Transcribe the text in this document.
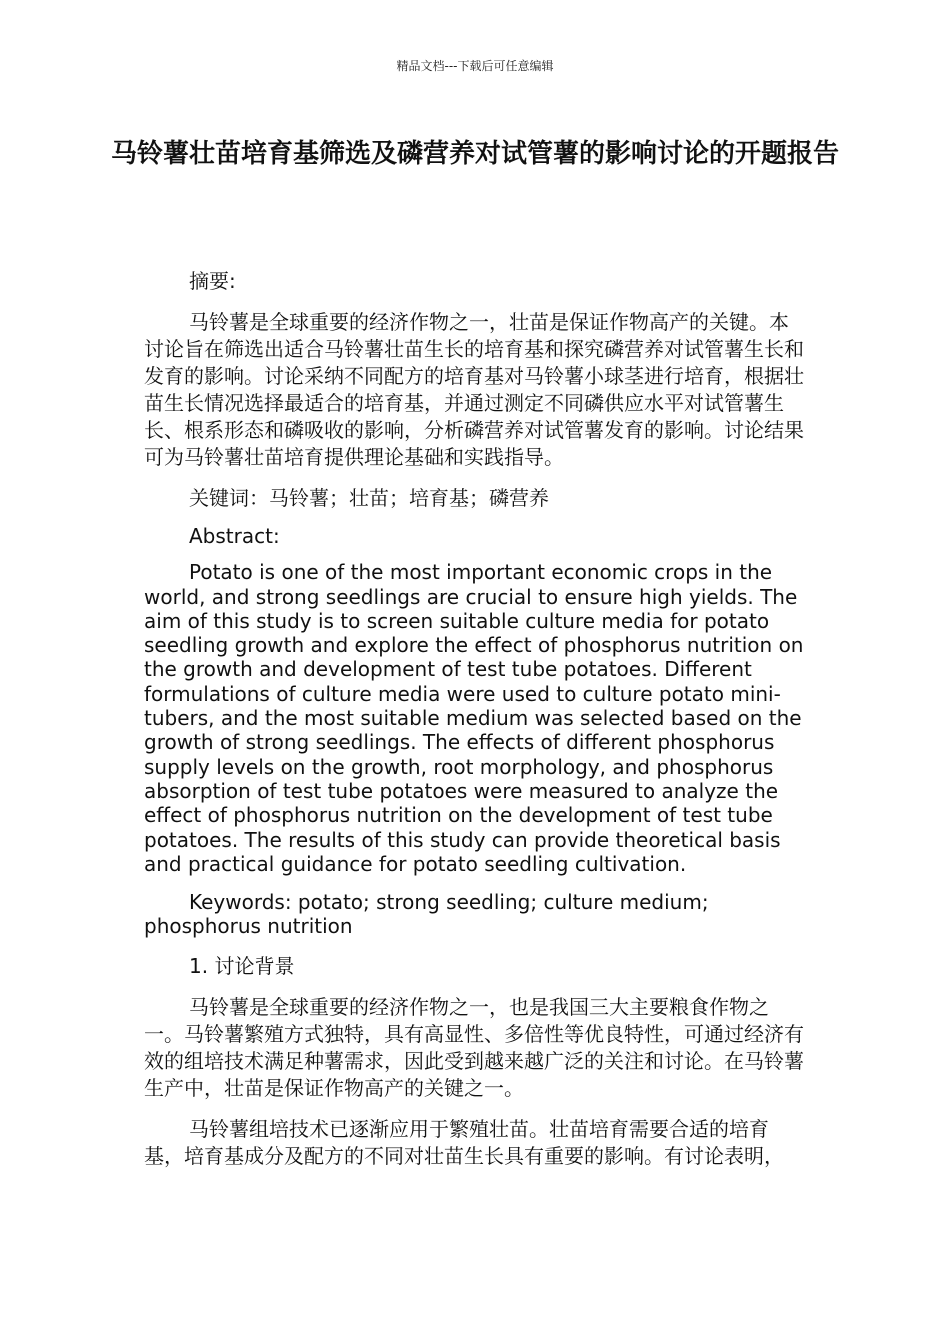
精品文档---下载后可任意编辑
马铃薯壮苗培育基筛选及磷营养对试管薯的影响讨论的开题报告

摘要:

马铃薯是全球重要的经济作物之一，壮苗是保证作物高产的关键。本讨论旨在筛选出适合马铃薯壮苗生长的培育基和探究磷营养对试管薯生长和发育的影响。讨论采纳不同配方的培育基对马铃薯小球茎进行培育，根据壮苗生长情况选择最适合的培育基，并通过测定不同磷供应水平对试管薯生长、根系形态和磷吸收的影响，分析磷营养对试管薯发育的影响。讨论结果可为马铃薯壮苗培育提供理论基础和实践指导。

关键词：马铃薯；壮苗；培育基；磷营养

Abstract:

Potato is one of the most important economic crops in the world, and strong seedlings are crucial to ensure high yields. The aim of this study is to screen suitable culture media for potato seedling growth and explore the effect of phosphorus nutrition on the growth and development of test tube potatoes. Different formulations of culture media were used to culture potato mini-tubers, and the most suitable medium was selected based on the growth of strong seedlings. The effects of different phosphorus supply levels on the growth, root morphology, and phosphorus absorption of test tube potatoes were measured to analyze the effect of phosphorus nutrition on the development of test tube potatoes. The results of this study can provide theoretical basis and practical guidance for potato seedling cultivation.

Keywords: potato; strong seedling; culture medium; phosphorus nutrition

1. 讨论背景

马铃薯是全球重要的经济作物之一，也是我国三大主要粮食作物之一。马铃薯繁殖方式独特，具有高显性、多倍性等优良特性，可通过经济有效的组培技术满足种薯需求，因此受到越来越广泛的关注和讨论。在马铃薯生产中，壮苗是保证作物高产的关键之一。

马铃薯组培技术已逐渐应用于繁殖壮苗。壮苗培育需要合适的培育基，培育基成分及配方的不同对壮苗生长具有重要的影响。有讨论表明，
